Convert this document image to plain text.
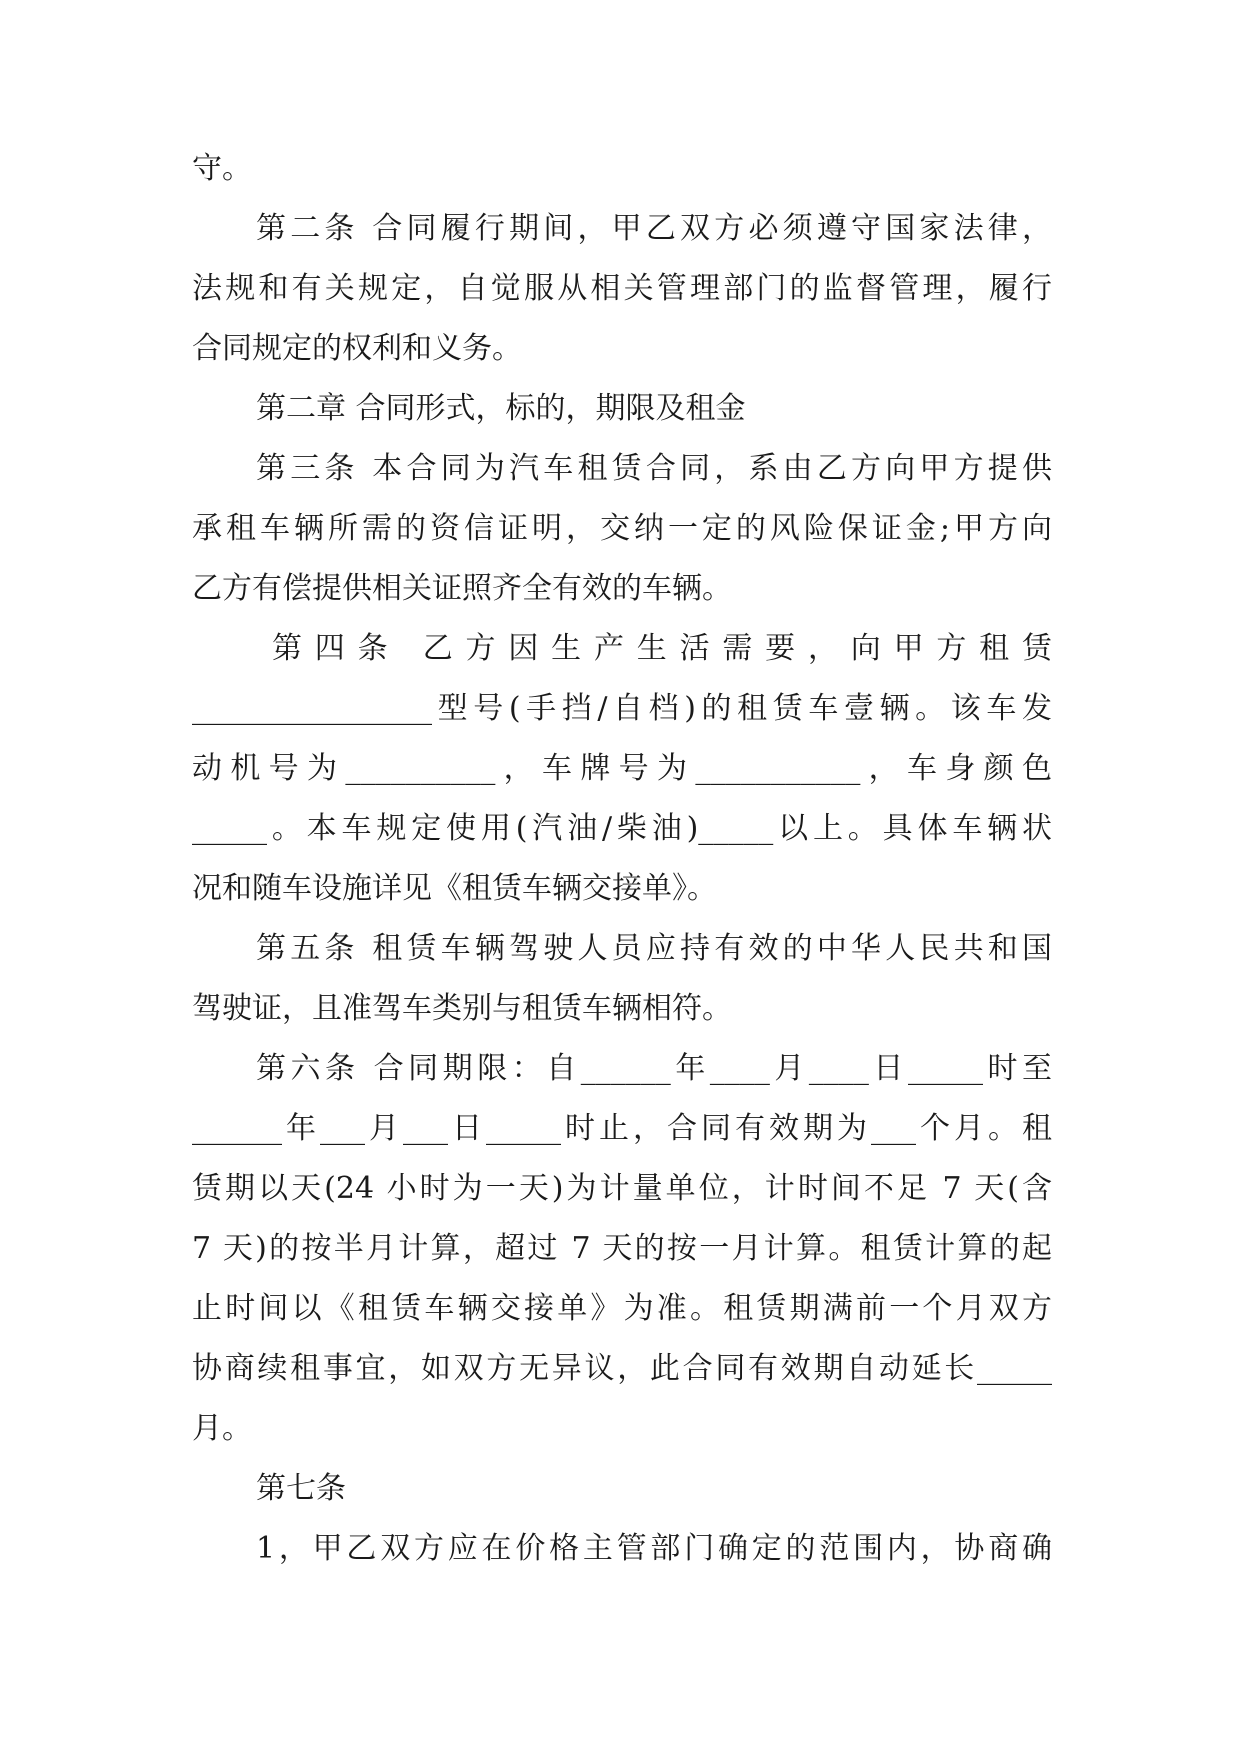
守。
第二条 合同履行期间，甲乙双方必须遵守国家法律，
法规和有关规定，自觉服从相关管理部门的监督管理，履行
合同规定的权利和义务。
第二章 合同形式，标的，期限及租金
第三条 本合同为汽车租赁合同，系由乙方向甲方提供
承租车辆所需的资信证明，交纳一定的风险保证金;甲方向
乙方有偿提供相关证照齐全有效的车辆。
第四条 乙方因生产生活需要，向甲方租赁
________________型号(手挡/自档)的租赁车壹辆。该车发
动机号为__________，车牌号为___________，车身颜色
_____。本车规定使用(汽油/柴油)_____以上。具体车辆状
况和随车设施详见《租赁车辆交接单》。
第五条 租赁车辆驾驶人员应持有效的中华人民共和国
驾驶证，且准驾车类别与租赁车辆相符。
第六条 合同期限：自______年____月____日_____时至
______年___月___日_____时止，合同有效期为___个月。租
赁期以天(24 小时为一天)为计量单位，计时间不足 7 天(含
7 天)的按半月计算，超过 7 天的按一月计算。租赁计算的起
止时间以《租赁车辆交接单》为准。租赁期满前一个月双方
协商续租事宜，如双方无异议，此合同有效期自动延长_____
月。
第七条
1，甲乙双方应在价格主管部门确定的范围内，协商确
